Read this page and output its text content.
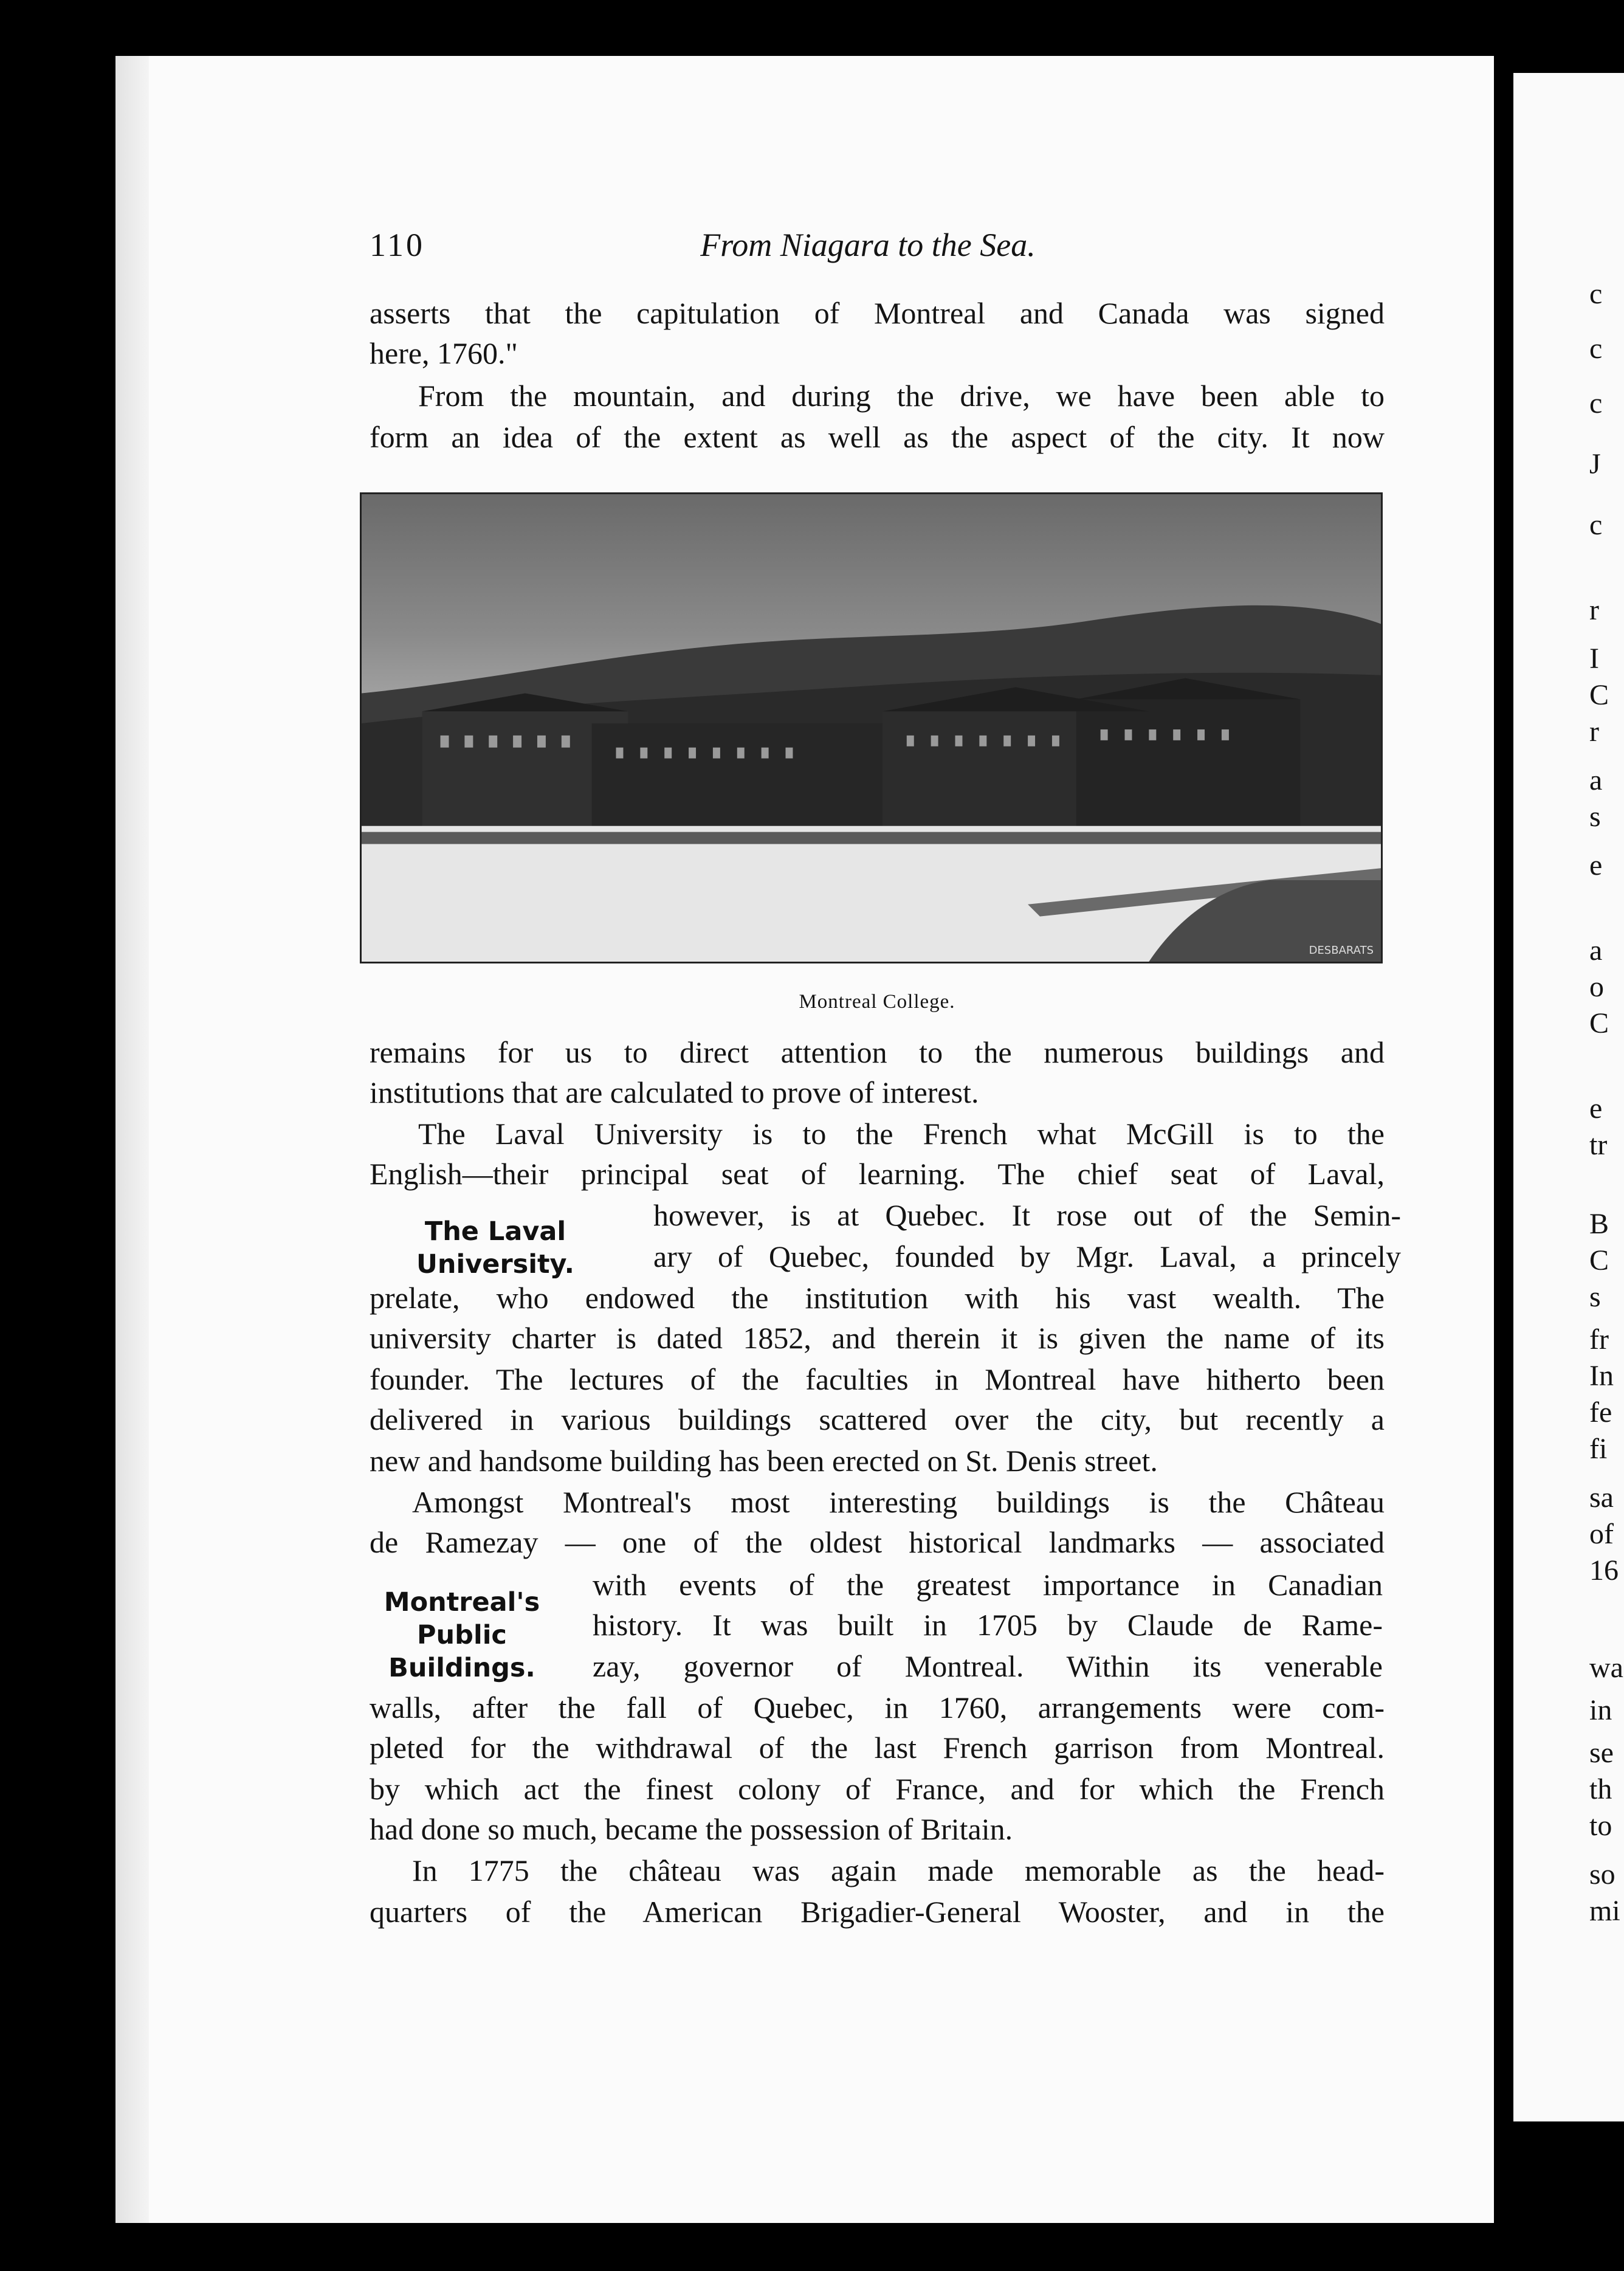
c
c
c
J
c
r
I
C
r
a
s
e
a
o
C
e
tr
B
C
s
fr
In
fe
fi
sa
of
16
wa
in
se
th
to
so
mi
110	From Niagara to the Sea.
asserts that the capitulation of Montreal and Canada was signed
here, 1760."
From the mountain, and during the drive, we have been able to
form an idea of the extent as well as the aspect of the city. It now
DESBARATS
Montreal College.
remains for us to direct attention to the numerous buildings and
institutions that are calculated to prove of interest.
The Laval University is to the French what McGill is to the
English—their principal seat of learning. The chief seat of Laval,
The Laval University.
however, is at Quebec. It rose out of the Semin-
ary of Quebec, founded by Mgr. Laval, a princely
prelate, who endowed the institution with his vast wealth. The
university charter is dated 1852, and therein it is given the name of its
founder. The lectures of the faculties in Montreal have hitherto been
delivered in various buildings scattered over the city, but recently a
new and handsome building has been erected on St. Denis street.
Amongst Montreal's most interesting buildings is the Château
de Ramezay — one of the oldest historical landmarks — associated
Montreal's
Public Buildings.
with events of the greatest importance in Canadian
history. It was built in 1705 by Claude de Rame-
zay, governor of Montreal. Within its venerable
walls, after the fall of Quebec, in 1760, arrangements were com-
pleted for the withdrawal of the last French garrison from Montreal.
by which act the finest colony of France, and for which the French
had done so much, became the possession of Britain.
In 1775 the château was again made memorable as the head-
quarters of the American Brigadier-General Wooster, and in the
